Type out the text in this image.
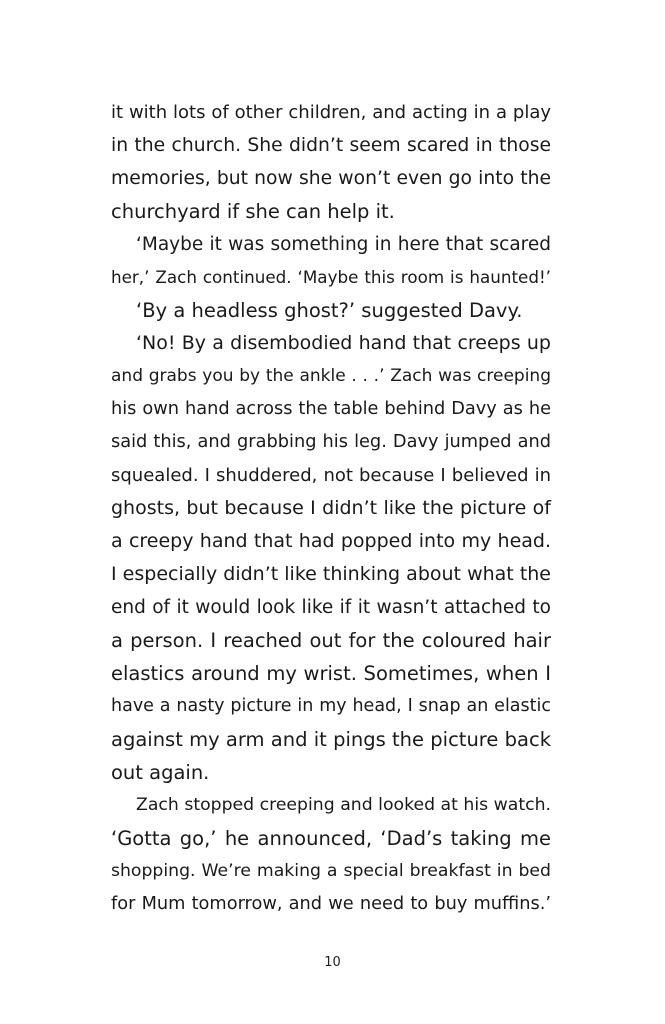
it with lots of other children, and acting in a play
in the church. She didn’t seem scared in those
memories, but now she won’t even go into the
churchyard if she can help it.
‘Maybe it was something in here that scared
her,’ Zach continued. ‘Maybe this room is haunted!’
‘By a headless ghost?’ suggested Davy.
‘No! By a disembodied hand that creeps up
and grabs you by the ankle . . .’ Zach was creeping
his own hand across the table behind Davy as he
said this, and grabbing his leg. Davy jumped and
squealed. I shuddered, not because I believed in
ghosts, but because I didn’t like the picture of
a creepy hand that had popped into my head.
I especially didn’t like thinking about what the
end of it would look like if it wasn’t attached to
a person. I reached out for the coloured hair
elastics around my wrist. Sometimes, when I
have a nasty picture in my head, I snap an elastic
against my arm and it pings the picture back
out again.
Zach stopped creeping and looked at his watch.
‘Gotta go,’ he announced, ‘Dad’s taking me
shopping. We’re making a special breakfast in bed
for Mum tomorrow, and we need to buy muffins.’
10
